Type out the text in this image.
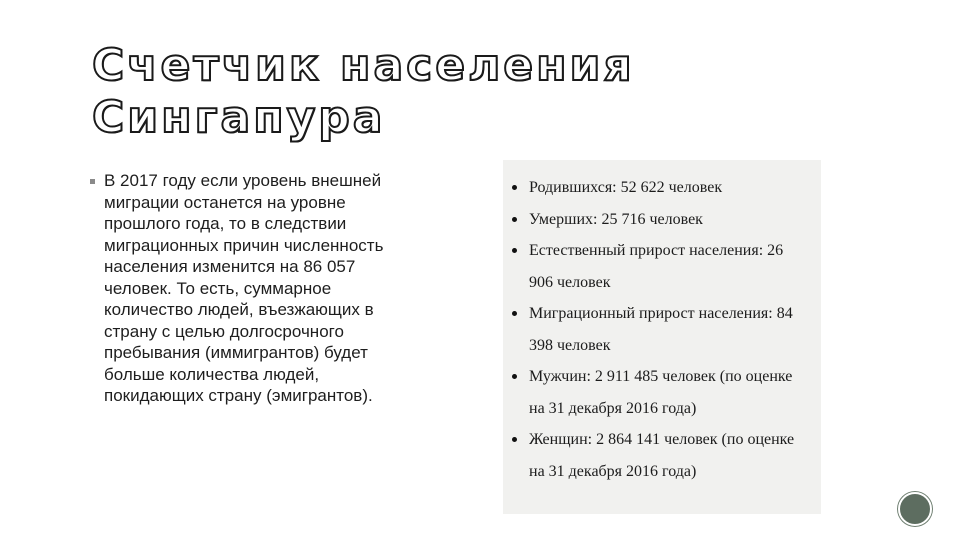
Счетчик населения
Сингапура
В 2017 году если уровень внешней миграции останется на уровне прошлого года, то в следствии миграционных причин численность населения изменится на 86 057 человек. То есть, суммарное количество людей, въезжающих в страну с целью долгосрочного пребывания (иммигрантов) будет больше количества людей, покидающих страну (эмигрантов).
Родившихся: 52 622 человек
Умерших: 25 716 человек
Естественный прирост населения: 26 906 человек
Миграционный прирост населения: 84 398 человек
Мужчин: 2 911 485 человек (по оценке на 31 декабря 2016 года)
Женщин: 2 864 141 человек (по оценке на 31 декабря 2016 года)
